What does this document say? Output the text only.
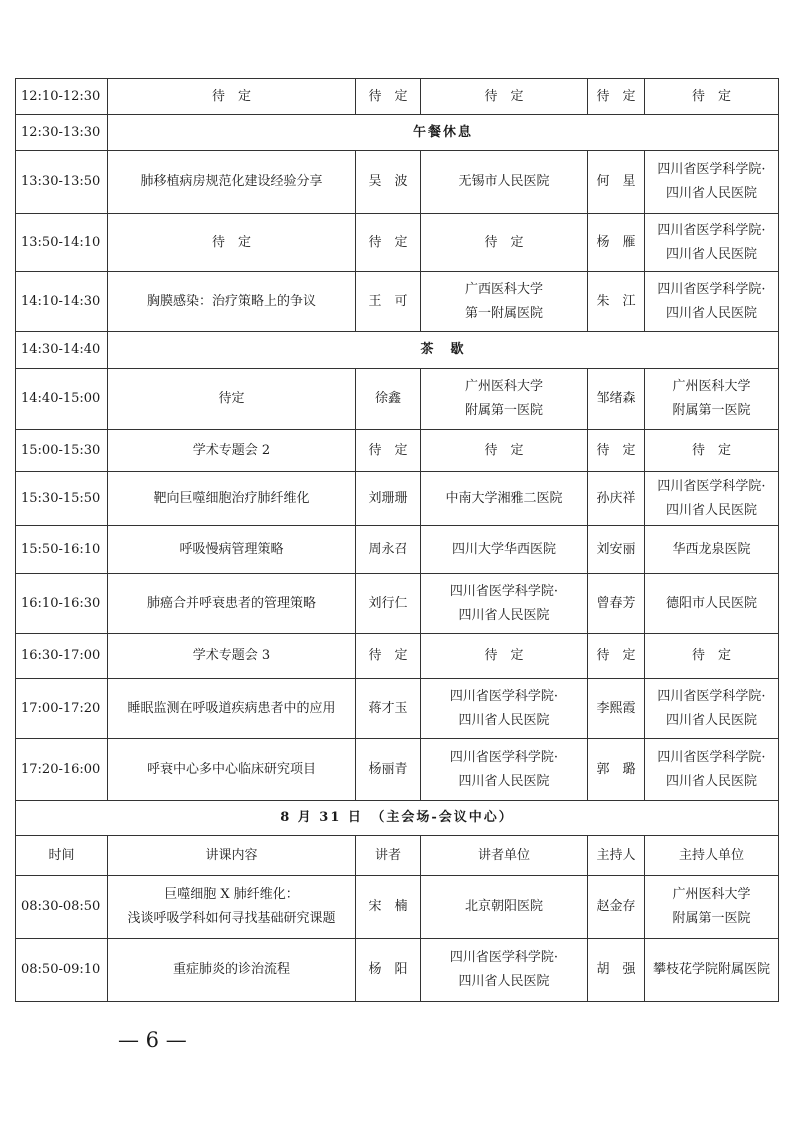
12:10-12:30	待　定	待　定	待　定	待　定	待　定
12:30-13:30	午餐休息				
13:30-13:50	肺移植病房规范化建设经验分享	吴　波	无锡市人民医院	何　星	四川省医学科学院·
四川省人民医院
13:50-14:10	待　定	待　定	待　定	杨　雁	四川省医学科学院·
四川省人民医院
14:10-14:30	胸膜感染：治疗策略上的争议	王　可	广西医科大学
第一附属医院	朱　江	四川省医学科学院·
四川省人民医院
14:30-14:40	茶　歇				
14:40-15:00	待定	徐鑫	广州医科大学
附属第一医院	邹绪森	广州医科大学
附属第一医院
15:00-15:30	学术专题会 2	待　定	待　定	待　定	待　定
15:30-15:50	靶向巨噬细胞治疗肺纤维化	刘珊珊	中南大学湘雅二医院	孙庆祥	四川省医学科学院·
四川省人民医院
15:50-16:10	呼吸慢病管理策略	周永召	四川大学华西医院	刘安丽	华西龙泉医院
16:10-16:30	肺癌合并呼衰患者的管理策略	刘行仁	四川省医学科学院·
四川省人民医院	曾春芳	德阳市人民医院
16:30-17:00	学术专题会 3	待　定	待　定	待　定	待　定
17:00-17:20	睡眠监测在呼吸道疾病患者中的应用	蒋才玉	四川省医学科学院·
四川省人民医院	李熙霞	四川省医学科学院·
四川省人民医院
17:20-16:00	呼衰中心多中心临床研究项目	杨丽青	四川省医学科学院·
四川省人民医院	郭　璐	四川省医学科学院·
四川省人民医院
8 月 31 日　（主会场-会议中心）					
时间	讲课内容	讲者	讲者单位	主持人	主持人单位
08:30-08:50	巨噬细胞 X 肺纤维化：
浅谈呼吸学科如何寻找基础研究课题	宋　楠	北京朝阳医院	赵金存	广州医科大学
附属第一医院
08:50-09:10	重症肺炎的诊治流程	杨　阳	四川省医学科学院·
四川省人民医院	胡　强	攀枝花学院附属医院
— 6 —
